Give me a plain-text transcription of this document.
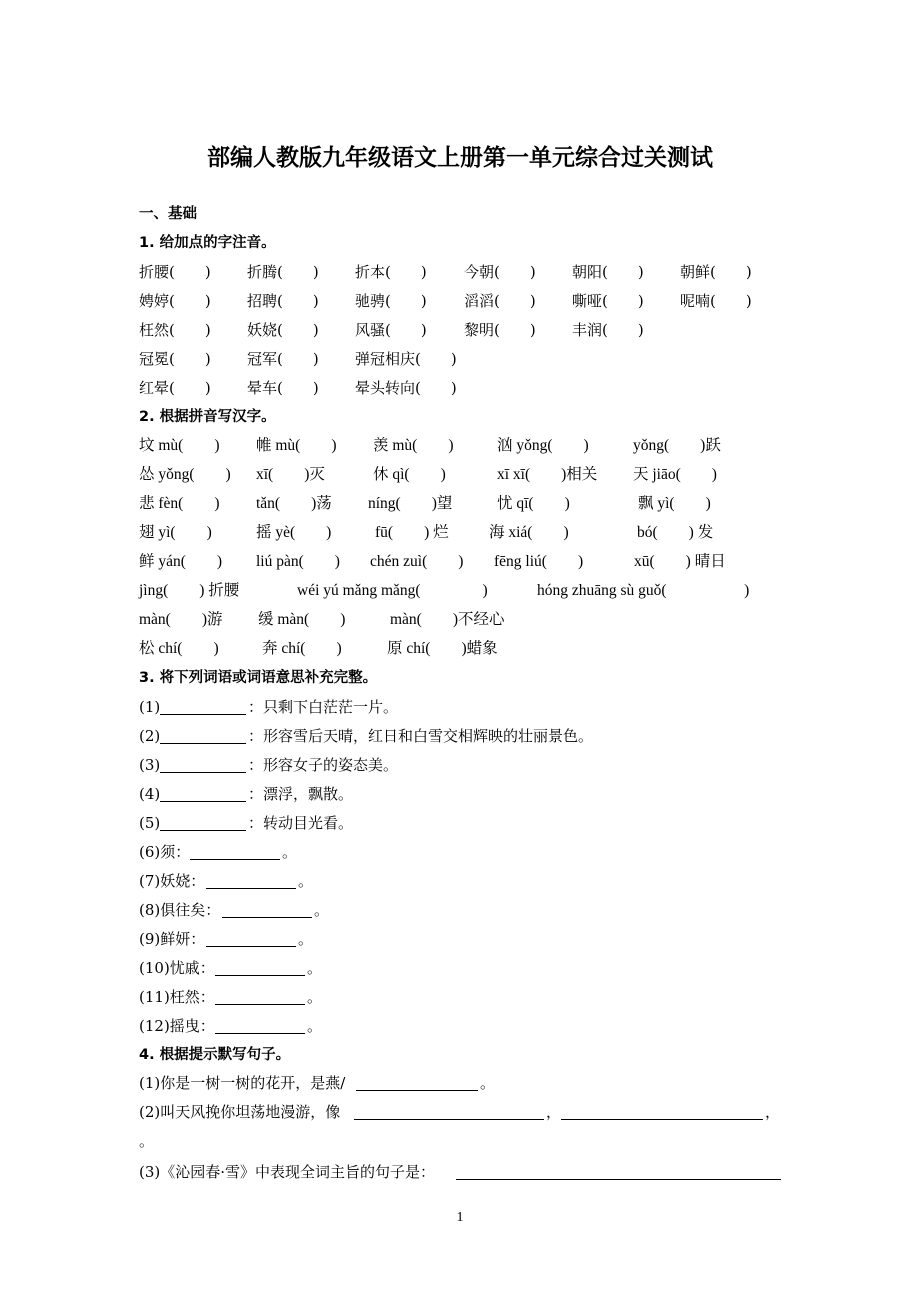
部编人教版九年级语文上册第一单元综合过关测试
一、基础
1. 给加点的字注音。
折腰(　　) 折腾(　　) 折本(　　) 今朝(　　) 朝阳(　　) 朝鲜(　　)
娉婷(　　) 招聘(　　) 驰骋(　　) 滔滔(　　) 嘶哑(　　) 呢喃(　　)
枉然(　　) 妖娆(　　) 风骚(　　) 黎明(　　) 丰润(　　)
冠冕(　　) 冠军(　　) 弹冠相庆(　　)
红晕(　　) 晕车(　　) 晕头转向(　　)
2. 根据拼音写汉字。
坟 mù(　　) 帷 mù(　　) 羡 mù(　　)	汹 yǒng(　　)	yǒng(　　)跃
怂 yǒng(　　) xī(　　)灭	休 qì(　　)	xī xī(　　)相关 天 jiāo(　　)
悲 fèn(　　) tǎn(　　)荡 níng(　　)望	忧 qī(　　)	飘 yì(　　)
翅 yì(　　)	摇 yè(　　)	fū(　　) 烂	海 xiá(　　)	bó(　　) 发
鲜 yán(　　) liú pàn(　　) chén zuì(　　) fēng liú(　　)	xū(　　) 晴日
jìng(　　) 折腰	wéi yú mǎng mǎng(　　　　)	hóng zhuāng sù guǒ(　　　　　)
màn(　　)游 缓 màn(　　)	màn(　　)不经心
松 chí(　　)	奔 chí(　　)	原 chí(　　)蜡象
3. 将下列词语或词语意思补充完整。
(1)	：只剩下白茫茫一片。
(2)	：形容雪后天晴，红日和白雪交相辉映的壮丽景色。
(3)	：形容女子的姿态美。
(4)	：漂浮，飘散。
(5)	：转动目光看。
(6)须：	。
(7)妖娆：	。
(8)俱往矣：	。
(9)鲜妍：	。
(10)忧戚：	。
(11)枉然：	。
(12)摇曳：	。
4. 根据提示默写句子。
(1)你是一树一树的花开，是燕/	。
(2)叫天风挽你坦荡地漫游，像	，	，
。
(3)《沁园春·雪》中表现全词主旨的句子是：
1
